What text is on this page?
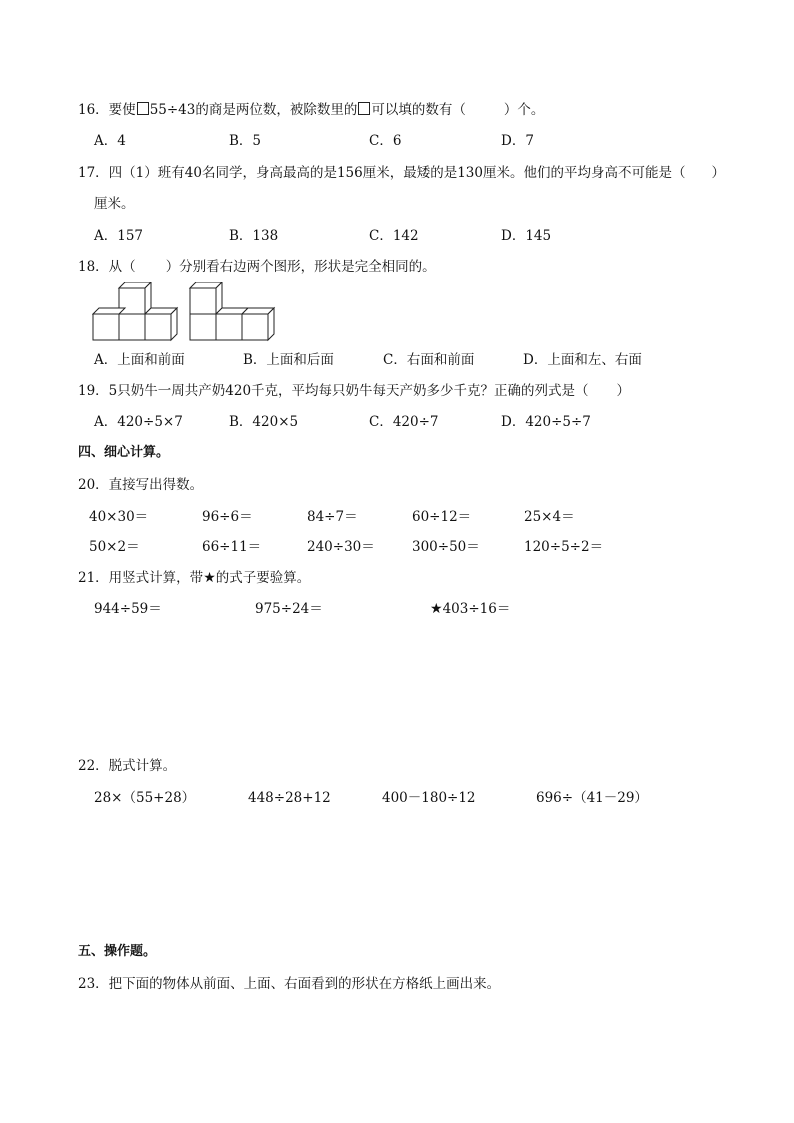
16．要使 55÷43的商是两位数，被除数里的 可以填的数有（	）个。
A．4	B．5	C．6	D．7
17．四（1）班有40名同学，身高最高的是156厘米，最矮的是130厘米。他们的平均身高不可能是（ ）
厘米。
A．157	B．138	C．142	D．145
18．从（ ）分别看右边两个图形，形状是完全相同的。
A．上面和前面	B．上面和后面	C．右面和前面	D．上面和左、右面
19．5只奶牛一周共产奶420千克，平均每只奶牛每天产奶多少千克？正确的列式是（ ）
A．420÷5×7	B．420×5	C．420÷7	D．420÷5÷7
四、细心计算。
20．直接写出得数。
40×30＝	96÷6＝	84÷7＝	60÷12＝	25×4＝
50×2＝	66÷11＝	240÷30＝	300÷50＝	120÷5÷2＝
21．用竖式计算，带★的式子要验算。
944÷59＝	975÷24＝	★403÷16＝
22．脱式计算。
28×（55+28）	448÷28+12	400－180÷12	696÷（41－29）
五、操作题。
23．把下面的物体从前面、上面、右面看到的形状在方格纸上画出来。
